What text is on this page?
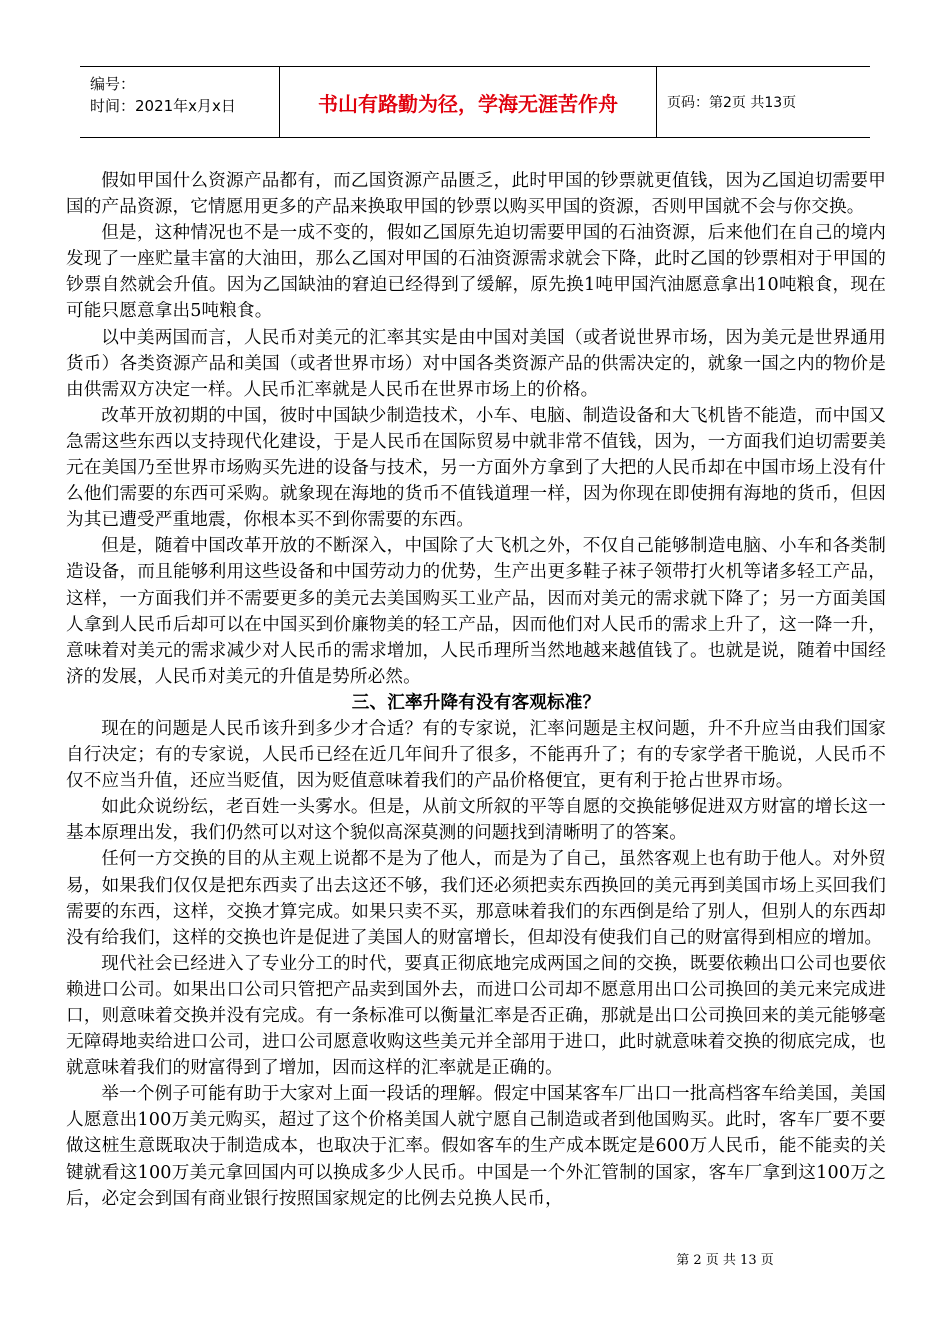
编号：
时间：2021年x月x日	书山有路勤为径，学海无涯苦作舟	页码：第2页 共13页

假如甲国什么资源产品都有，而乙国资源产品匮乏，此时甲国的钞票就更值钱，因为乙国迫切需要甲国的产品资源，它情愿用更多的产品来换取甲国的钞票以购买甲国的资源，否则甲国就不会与你交换。

但是，这种情况也不是一成不变的，假如乙国原先迫切需要甲国的石油资源，后来他们在自己的境内发现了一座贮量丰富的大油田，那么乙国对甲国的石油资源需求就会下降，此时乙国的钞票相对于甲国的钞票自然就会升值。因为乙国缺油的窘迫已经得到了缓解，原先换1吨甲国汽油愿意拿出10吨粮食，现在可能只愿意拿出5吨粮食。

以中美两国而言，人民币对美元的汇率其实是由中国对美国（或者说世界市场，因为美元是世界通用货币）各类资源产品和美国（或者世界市场）对中国各类资源产品的供需决定的，就象一国之内的物价是由供需双方决定一样。人民币汇率就是人民币在世界市场上的价格。

改革开放初期的中国，彼时中国缺少制造技术，小车、电脑、制造设备和大飞机皆不能造，而中国又急需这些东西以支持现代化建设，于是人民币在国际贸易中就非常不值钱，因为，一方面我们迫切需要美元在美国乃至世界市场购买先进的设备与技术，另一方面外方拿到了大把的人民币却在中国市场上没有什么他们需要的东西可采购。就象现在海地的货币不值钱道理一样，因为你现在即使拥有海地的货币，但因为其已遭受严重地震，你根本买不到你需要的东西。

但是，随着中国改革开放的不断深入，中国除了大飞机之外，不仅自己能够制造电脑、小车和各类制造设备，而且能够利用这些设备和中国劳动力的优势，生产出更多鞋子袜子领带打火机等诸多轻工产品，这样，一方面我们并不需要更多的美元去美国购买工业产品，因而对美元的需求就下降了；另一方面美国人拿到人民币后却可以在中国买到价廉物美的轻工产品，因而他们对人民币的需求上升了，这一降一升，意味着对美元的需求减少对人民币的需求增加，人民币理所当然地越来越值钱了。也就是说，随着中国经济的发展，人民币对美元的升值是势所必然。

三、汇率升降有没有客观标准？

现在的问题是人民币该升到多少才合适？有的专家说，汇率问题是主权问题，升不升应当由我们国家自行决定；有的专家说，人民币已经在近几年间升了很多，不能再升了；有的专家学者干脆说，人民币不仅不应当升值，还应当贬值，因为贬值意味着我们的产品价格便宜，更有利于抢占世界市场。

如此众说纷纭，老百姓一头雾水。但是，从前文所叙的平等自愿的交换能够促进双方财富的增长这一基本原理出发，我们仍然可以对这个貌似高深莫测的问题找到清晰明了的答案。

任何一方交换的目的从主观上说都不是为了他人，而是为了自己，虽然客观上也有助于他人。对外贸易，如果我们仅仅是把东西卖了出去这还不够，我们还必须把卖东西换回的美元再到美国市场上买回我们需要的东西，这样，交换才算完成。如果只卖不买，那意味着我们的东西倒是给了别人，但别人的东西却没有给我们，这样的交换也许是促进了美国人的财富增长，但却没有使我们自己的财富得到相应的增加。

现代社会已经进入了专业分工的时代，要真正彻底地完成两国之间的交换，既要依赖出口公司也要依赖进口公司。如果出口公司只管把产品卖到国外去，而进口公司却不愿意用出口公司换回的美元来完成进口，则意味着交换并没有完成。有一条标准可以衡量汇率是否正确，那就是出口公司换回来的美元能够毫无障碍地卖给进口公司，进口公司愿意收购这些美元并全部用于进口，此时就意味着交换的彻底完成，也就意味着我们的财富得到了增加，因而这样的汇率就是正确的。

举一个例子可能有助于大家对上面一段话的理解。假定中国某客车厂出口一批高档客车给美国，美国人愿意出100万美元购买，超过了这个价格美国人就宁愿自己制造或者到他国购买。此时，客车厂要不要做这桩生意既取决于制造成本，也取决于汇率。假如客车的生产成本既定是600万人民币，能不能卖的关键就看这100万美元拿回国内可以换成多少人民币。中国是一个外汇管制的国家，客车厂拿到这100万之后，必定会到国有商业银行按照国家规定的比例去兑换人民币，

第 2 页 共 13 页
